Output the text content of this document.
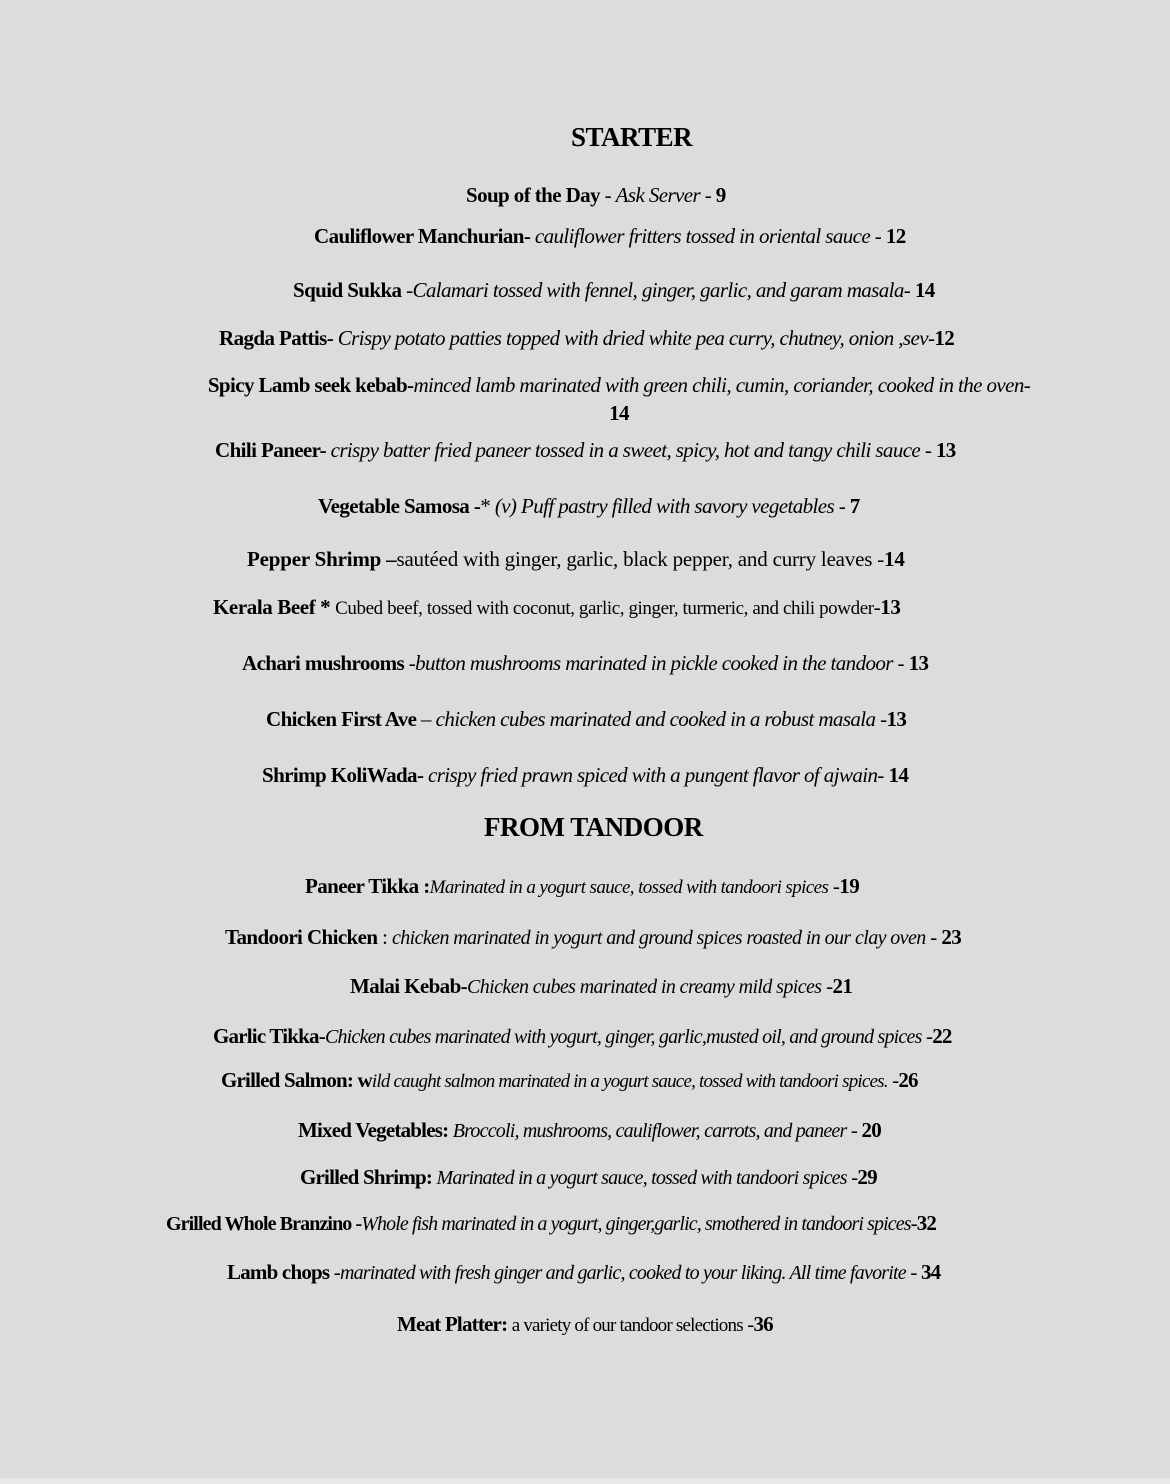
STARTER
Soup of the Day - Ask Server - 9
Cauliflower Manchurian- cauliflower fritters tossed in oriental sauce - 12
Squid Sukka -Calamari tossed with fennel, ginger, garlic, and garam masala- 14
Ragda Pattis- Crispy potato patties topped with dried white pea curry, chutney, onion ,sev-12
Spicy Lamb seek kebab-minced lamb marinated with green chili, cumin, coriander, cooked in the oven-14
Chili Paneer- crispy batter fried paneer tossed in a sweet, spicy, hot and tangy chili sauce - 13
Vegetable Samosa -* (v) Puff pastry filled with savory vegetables - 7
Pepper Shrimp –sautéed with ginger, garlic, black pepper, and curry leaves -14
Kerala Beef * Cubed beef, tossed with coconut, garlic, ginger, turmeric, and chili powder-13
Achari mushrooms -button mushrooms marinated in pickle cooked in the tandoor - 13
Chicken First Ave – chicken cubes marinated and cooked in a robust masala -13
Shrimp KoliWada- crispy fried prawn spiced with a pungent flavor of ajwain- 14
FROM TANDOOR
Paneer Tikka :Marinated in a yogurt sauce, tossed with tandoori spices -19
Tandoori Chicken : chicken marinated in yogurt and ground spices roasted in our clay oven - 23
Malai Kebab-Chicken cubes marinated in creamy mild spices -21
Garlic Tikka-Chicken cubes marinated with yogurt, ginger, garlic,musted oil, and ground spices -22
Grilled Salmon: wild caught salmon marinated in a yogurt sauce, tossed with tandoori spices. -26
Mixed Vegetables: Broccoli, mushrooms, cauliflower, carrots, and paneer - 20
Grilled Shrimp: Marinated in a yogurt sauce, tossed with tandoori spices -29
Grilled Whole Branzino -Whole fish marinated in a yogurt, ginger,garlic, smothered in tandoori spices-32
Lamb chops -marinated with fresh ginger and garlic, cooked to your liking. All time favorite - 34
Meat Platter: a variety of our tandoor selections -36
